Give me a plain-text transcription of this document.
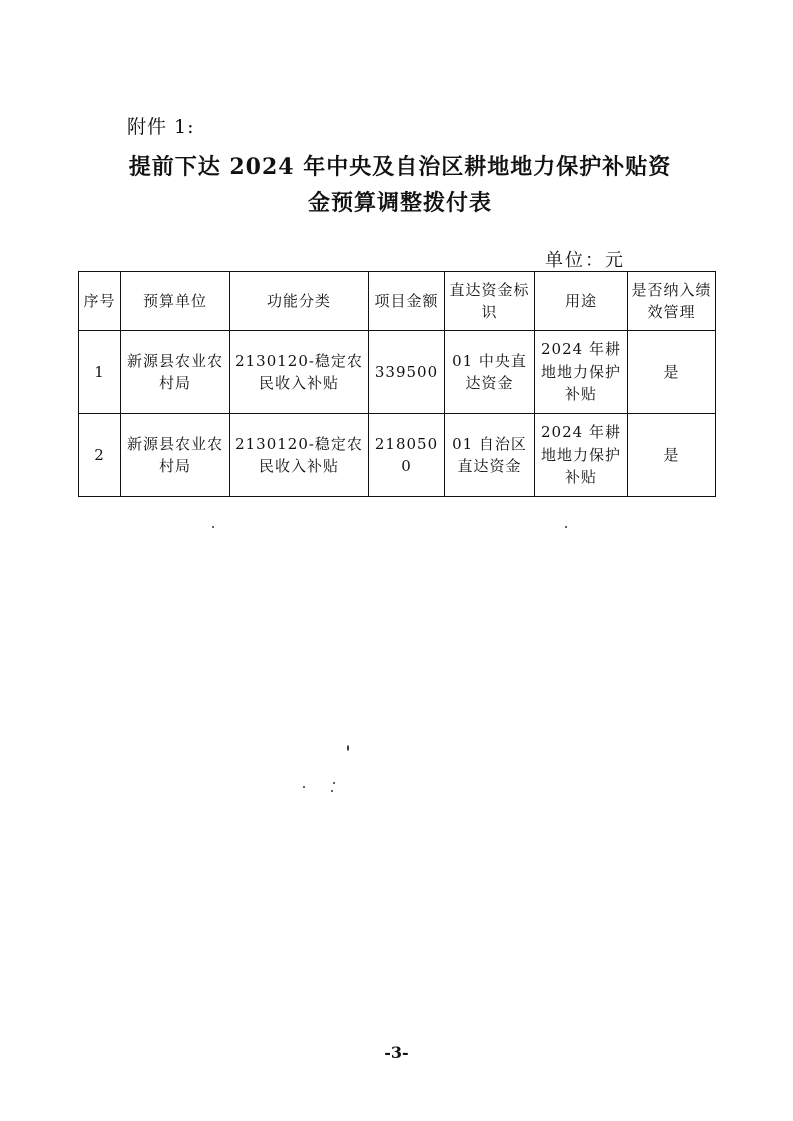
附件 1:
提前下达 2024 年中央及自治区耕地地力保护补贴资
金预算调整拨付表
单位：元
序号	预算单位	功能分类	项目金额	直达资金标识	用途	是否纳入绩效管理
1	新源县农业农村局	2130120-稳定农民收入补贴	339500	01 中央直达资金	2024 年耕地地力保护补贴	是
2	新源县农业农村局	2130120-稳定农民收入补贴	2180500	01 自治区直达资金	2024 年耕地地力保护补贴	是
-3-
